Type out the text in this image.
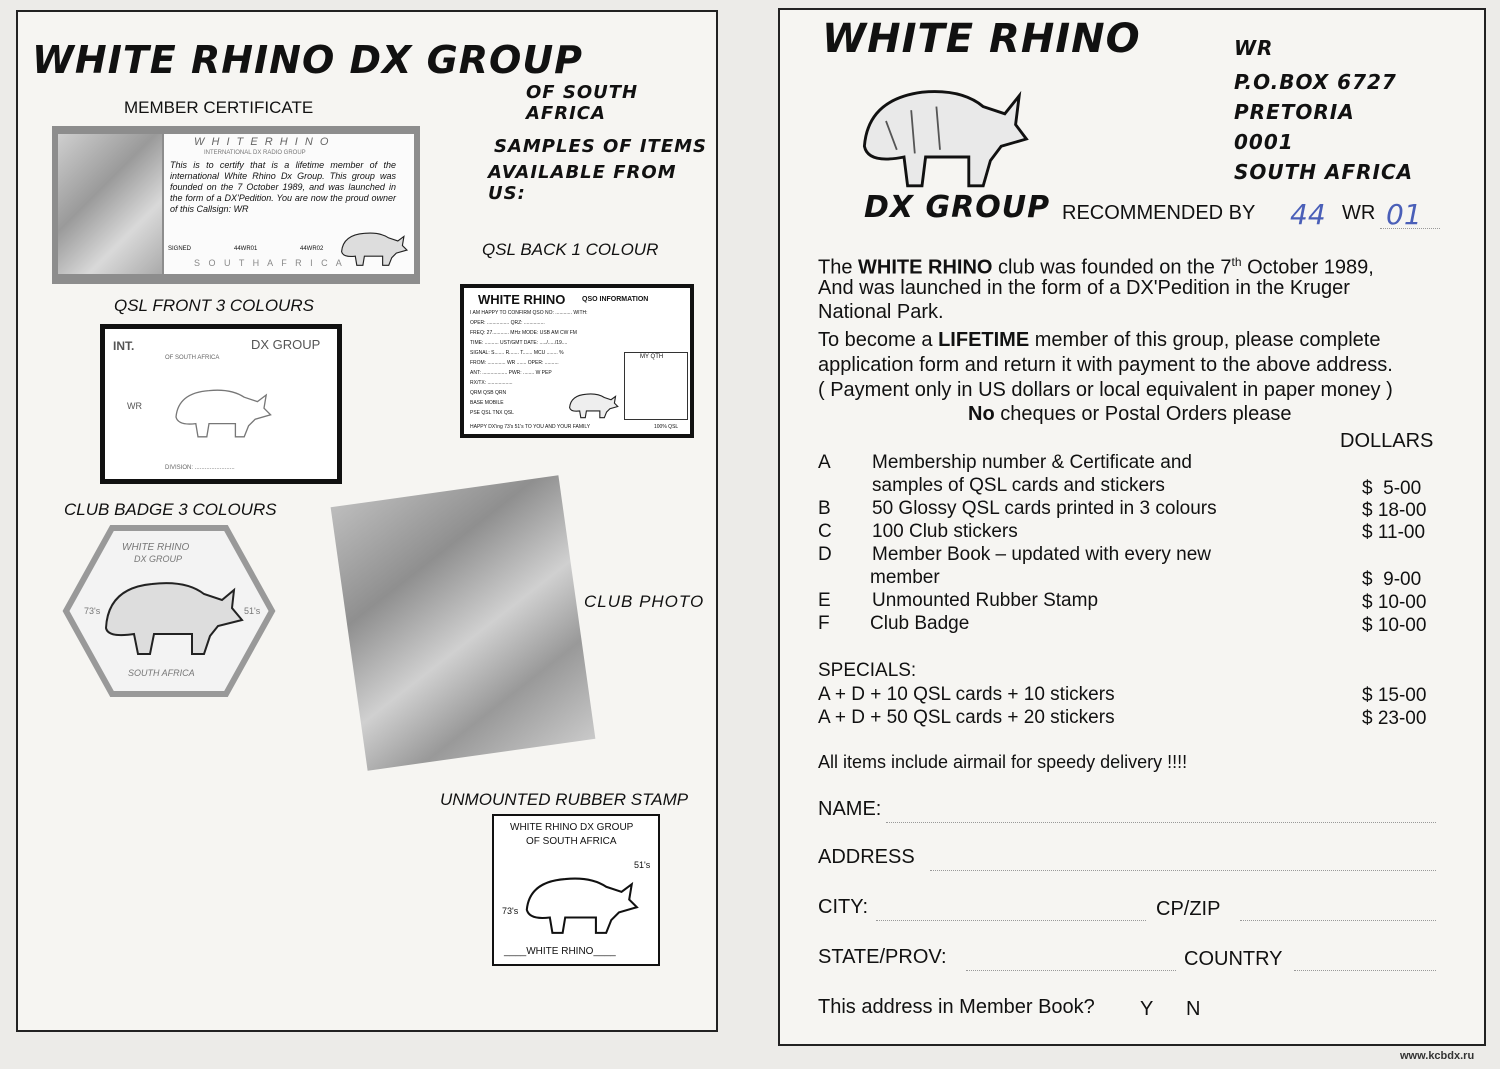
WHITE RHINO DX GROUP
OF SOUTH AFRICA
MEMBER CERTIFICATE
SAMPLES OF ITEMS
AVAILABLE FROM US:
W H I T E R H I N O
INTERNATIONAL DX RADIO GROUP
This is to certify that is a lifetime member of the international White Rhino Dx Group. This group was founded on the 7 October 1989, and was launched in the form of a DX'Pedition. You are now the proud owner of this Callsign: WR
SIGNED	44WR01	44WR02
S O U T H A F R I C A
QSL BACK 1 COLOUR
WHITE RHINO QSO INFORMATION
I AM HAPPY TO CONFIRM QSO NO: ............ WITH:
OPER: ................ QRZ: ...............
FREQ: 27............ MHz MODE: USB AM CW FM
TIME: .......... UST/GMT DATE: ...../...../19....
SIGNAL: S....... R....... T....... MCU ........ %
FROM: ............. WR ....... OPER: ..........
ANT: .................. PWR: ........ W PEP
RX/TX: ..................
QRM QSB QRN
BASE MOBILE
PSE QSL TNX QSL
HAPPY DX'ing 73's 51's TO YOU AND YOUR FAMILY
MY QTH
100% QSL
QSL FRONT 3 COLOURS
INT.	DX GROUP
OF SOUTH AFRICA
WR
DIVISION: ........................
CLUB BADGE 3 COLOURS
WHITE RHINO
DX GROUP
73's	51's
SOUTH AFRICA
CLUB PHOTO
UNMOUNTED RUBBER STAMP
WHITE RHINO DX GROUP
OF SOUTH AFRICA
73's
51's
____WHITE RHINO____
WHITE RHINO
DX GROUP
WR
P.O.BOX 6727
PRETORIA
0001
SOUTH AFRICA
RECOMMENDED BY 44 WR 01
The WHITE RHINO club was founded on the 7th October 1989,
And was launched in the form of a DX'Pedition in the Kruger
National Park.
To become a LIFETIME member of this group, please complete
application form and return it with payment to the above address.
( Payment only in US dollars or local equivalent in paper money )
No cheques or Postal Orders please
DOLLARS
A Membership number & Certificate and
samples of QSL cards and stickers	$  5-00
B 50 Glossy QSL cards printed in 3 colours	$ 18-00
C 100 Club stickers	$ 11-00
D Member Book – updated with every new
member	$  9-00
E Unmounted Rubber Stamp	$ 10-00
F Club Badge	$ 10-00
SPECIALS:
A + D + 10 QSL cards + 10 stickers	$ 15-00
A + D + 50 QSL cards + 20 stickers	$ 23-00
All items include airmail for speedy delivery !!!!
NAME:
ADDRESS
CITY:	CP/ZIP
STATE/PROV:	COUNTRY
This address in Member Book? Y N
www.kcbdx.ru
